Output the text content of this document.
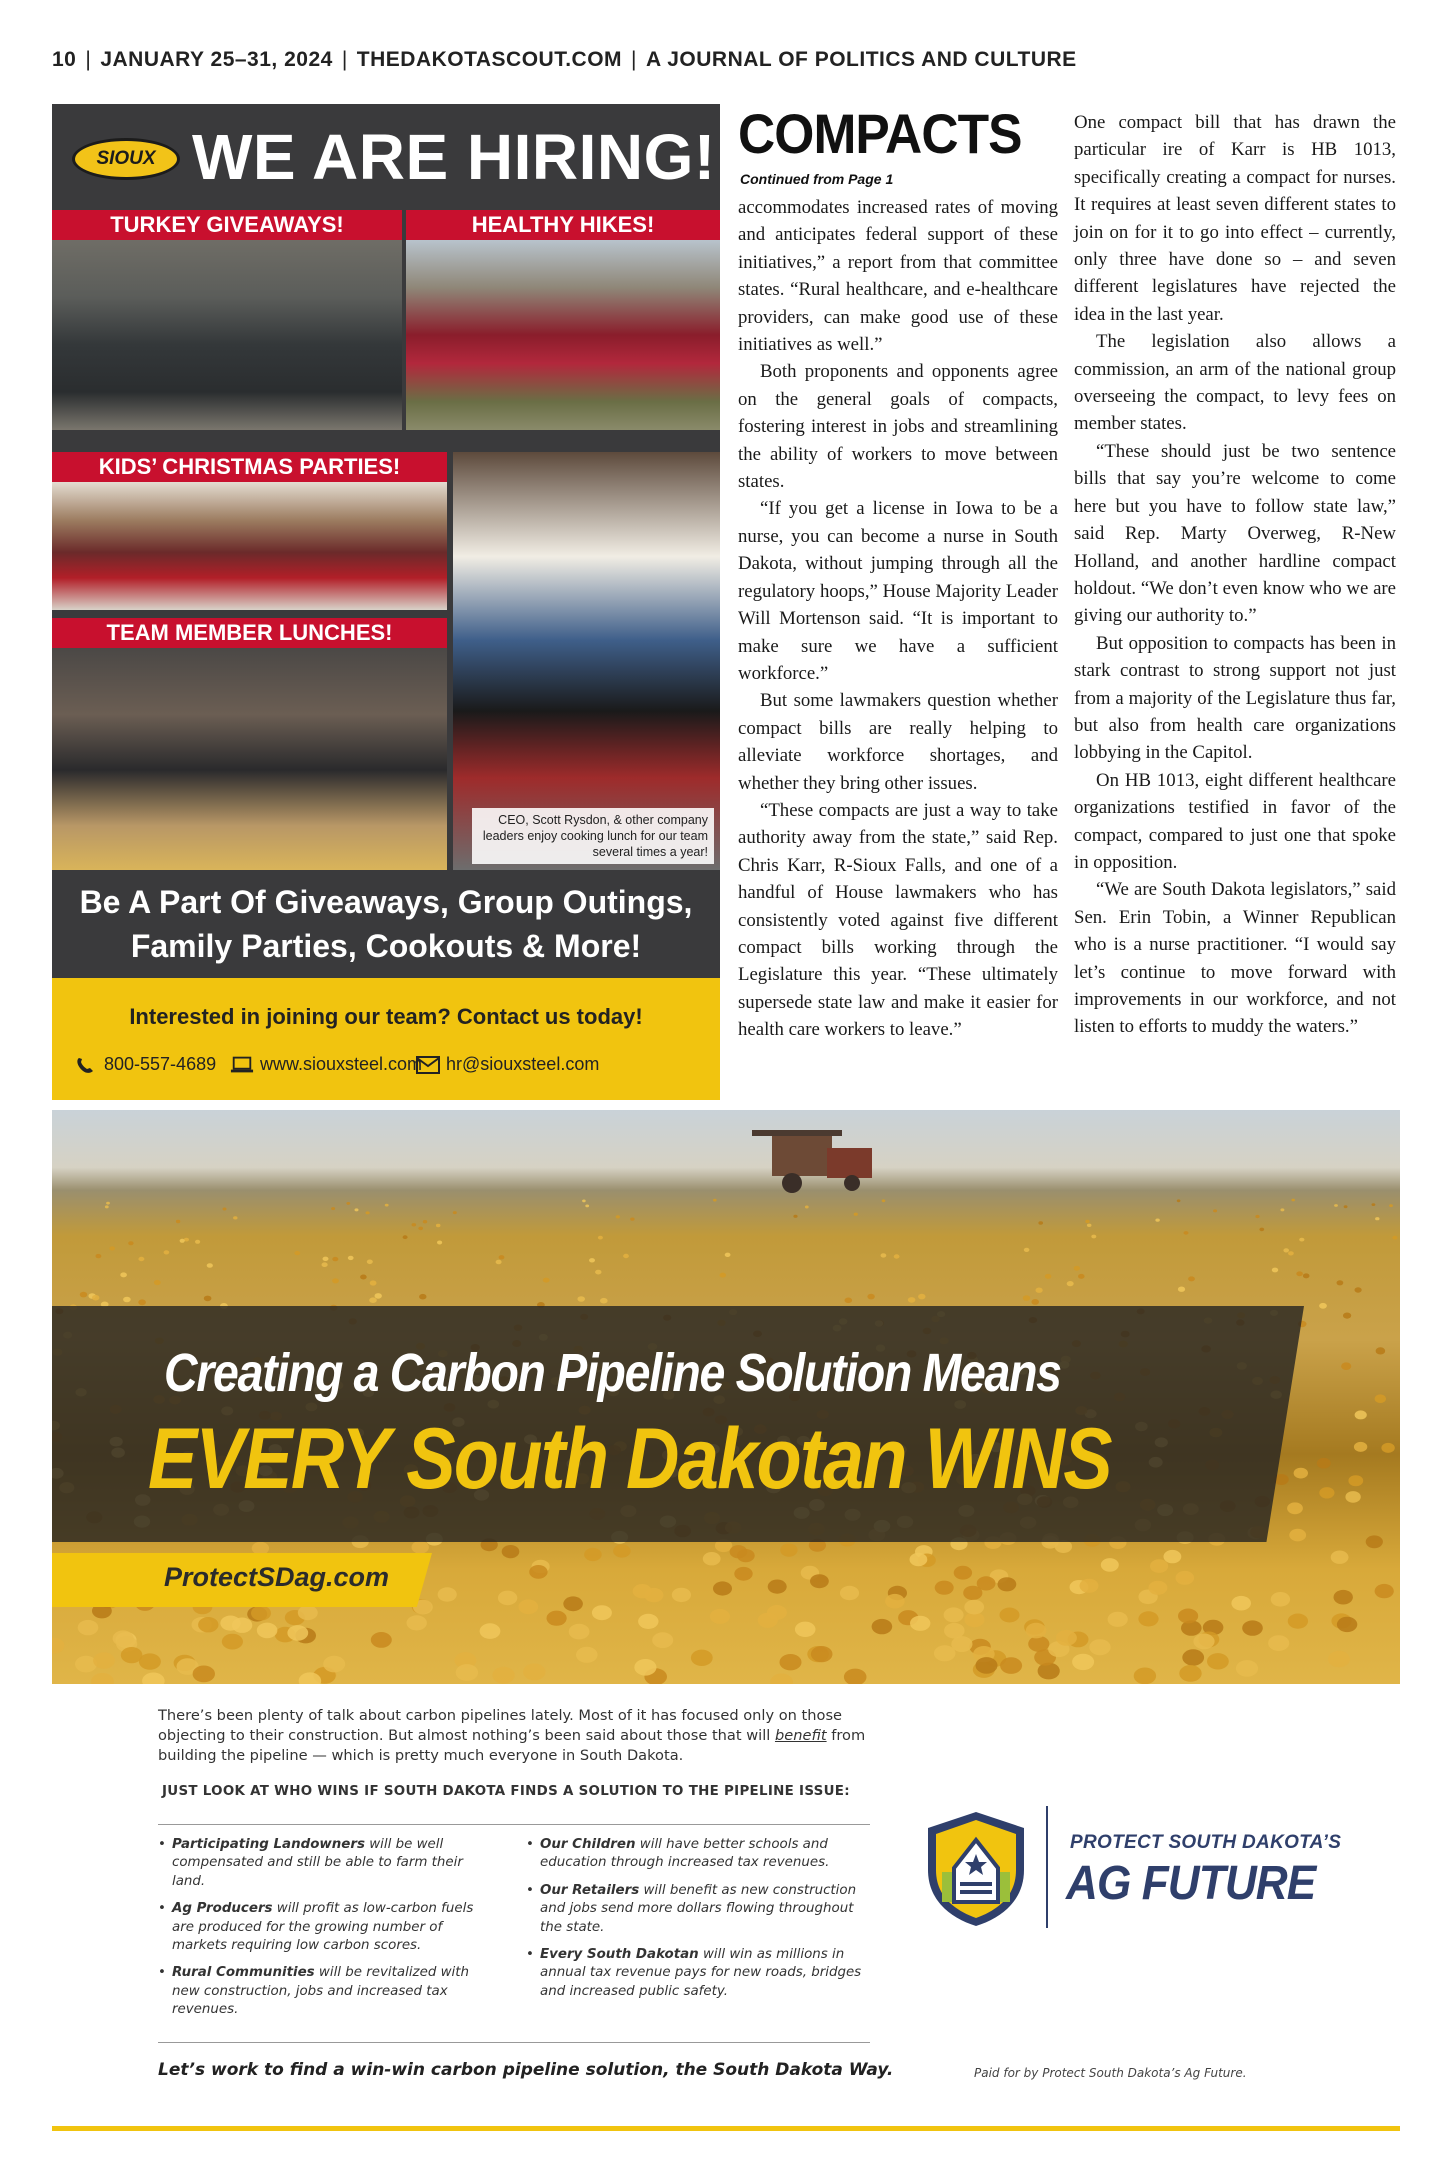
10 | JANUARY 25–31, 2024 | THEDAKOTASCOUT.COM | A JOURNAL OF POLITICS AND CULTURE
SIOUX WE ARE HIRING!
TURKEY GIVEAWAYS!	HEALTHY HIKES!
KIDS’ CHRISTMAS PARTIES!
TEAM MEMBER LUNCHES!
CEO, Scott Rysdon, & other company leaders enjoy cooking lunch for our team several times a year!
Be A Part Of Giveaways, Group Outings,
Family Parties, Cookouts & More!
Interested in joining our team? Contact us today!
800-557-4689 www.siouxsteel.com hr@siouxsteel.com
COMPACTS
Continued from Page 1

accommodates increased rates of moving and anticipates federal support of these initiatives,” a report from that committee states. “Rural healthcare, and e-healthcare providers, can make good use of these initiatives as well.”

Both proponents and opponents agree on the general goals of compacts, fostering interest in jobs and streamlining the ability of workers to move between states.

“If you get a license in Iowa to be a nurse, you can become a nurse in South Dakota, without jumping through all the regulatory hoops,” House Majority Leader Will Mortenson said. “It is important to make sure we have a sufficient workforce.”

But some lawmakers question whether compact bills are really helping to alleviate workforce shortages, and whether they bring other issues.

“These compacts are just a way to take authority away from the state,” said Rep. Chris Karr, R-Sioux Falls, and one of a handful of House lawmakers who has consistently voted against five different compact bills working through the Legislature this year. “These ultimately supersede state law and make it easier for health care workers to leave.”

One compact bill that has drawn the particular ire of Karr is HB 1013, specifically creating a compact for nurses. It requires at least seven different states to join on for it to go into effect – currently, only three have done so – and seven different legislatures have rejected the idea in the last year.

The legislation also allows a commission, an arm of the national group overseeing the compact, to levy fees on member states.

“These should just be two sentence bills that say you’re welcome to come here but you have to follow state law,” said Rep. Marty Overweg, R-New Holland, and another hardline compact holdout. “We don’t even know who we are giving our authority to.”

But opposition to compacts has been in stark contrast to strong support not just from a majority of the Legislature thus far, but also from health care organizations lobbying in the Capitol.

On HB 1013, eight different healthcare organizations testified in favor of the compact, compared to just one that spoke in opposition.

“We are South Dakota legislators,” said Sen. Erin Tobin, a Winner Republican who is a nurse practitioner. “I would say let’s continue to move forward with improvements in our workforce, and not listen to efforts to muddy the waters.”

Creating a Carbon Pipeline Solution Means
EVERY South Dakotan WINS
ProtectSDag.com
There’s been plenty of talk about carbon pipelines lately. Most of it has focused only on those objecting to their construction. But almost nothing’s been said about those that will benefit from building the pipeline — which is pretty much everyone in South Dakota.
JUST LOOK AT WHO WINS IF SOUTH DAKOTA FINDS A SOLUTION TO THE PIPELINE ISSUE:
• Participating Landowners will be well compensated and still be able to farm their land.
• Ag Producers will profit as low-carbon fuels are produced for the growing number of markets requiring low carbon scores.
• Rural Communities will be revitalized with new construction, jobs and increased tax revenues.
• Our Children will have better schools and education through increased tax revenues.
• Our Retailers will benefit as new construction and jobs send more dollars flowing throughout the state.
• Every South Dakotan will win as millions in annual tax revenue pays for new roads, bridges and increased public safety.
Let’s work to find a win-win carbon pipeline solution, the South Dakota Way.	Paid for by Protect South Dakota’s Ag Future.
PROTECT SOUTH DAKOTA’S
AG FUTURE
